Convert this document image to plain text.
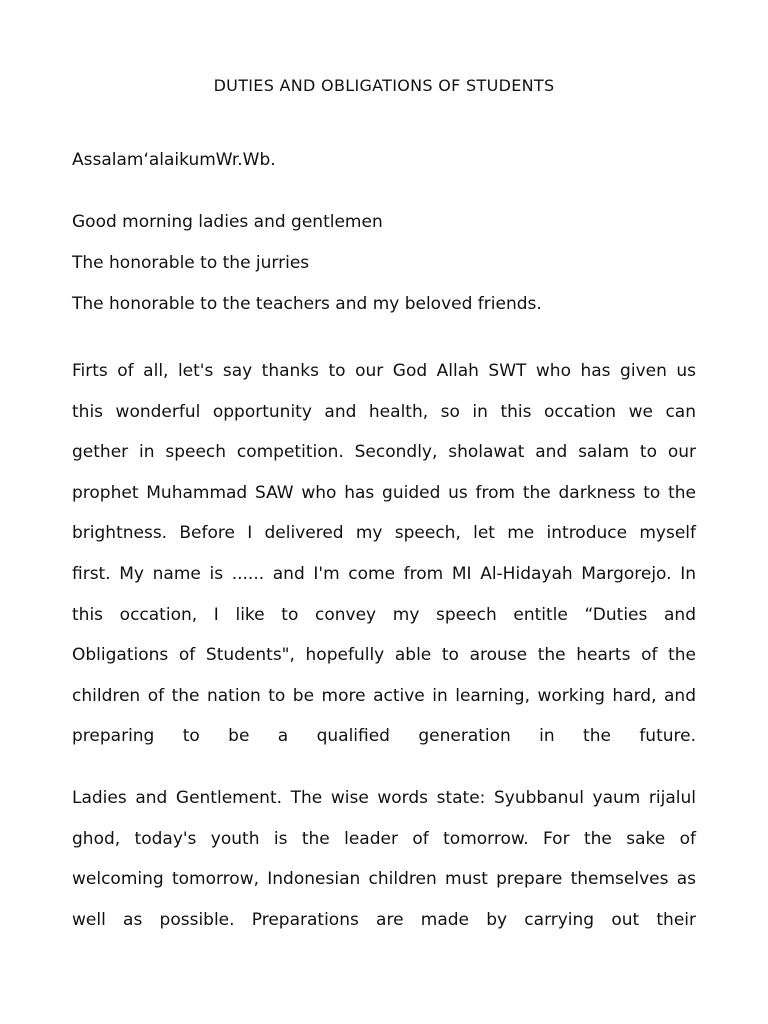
DUTIES AND OBLIGATIONS OF STUDENTS
Assalam‘alaikumWr.Wb.
Good morning ladies and gentlemen
The honorable to the jurries
The honorable to the teachers and my beloved friends.
Firts of all, let's say thanks to our God Allah SWT who has given us
this wonderful opportunity and health, so in this occation we can
gether in speech competition. Secondly, sholawat and salam to our
prophet Muhammad SAW who has guided us from the darkness to the
brightness. Before I delivered my speech, let me introduce myself
first. My name is ...... and I'm come from MI Al-Hidayah Margorejo. In
this occation, I like to convey my speech entitle “Duties and
Obligations of Students", hopefully able to arouse the hearts of the
children of the nation to be more active in learning, working hard, and
preparing to be a qualified generation in the future.
Ladies and Gentlement. The wise words state: Syubbanul yaum rijalul
ghod, today's youth is the leader of tomorrow. For the sake of
welcoming tomorrow, Indonesian children must prepare themselves as
well as possible. Preparations are made by carrying out their
